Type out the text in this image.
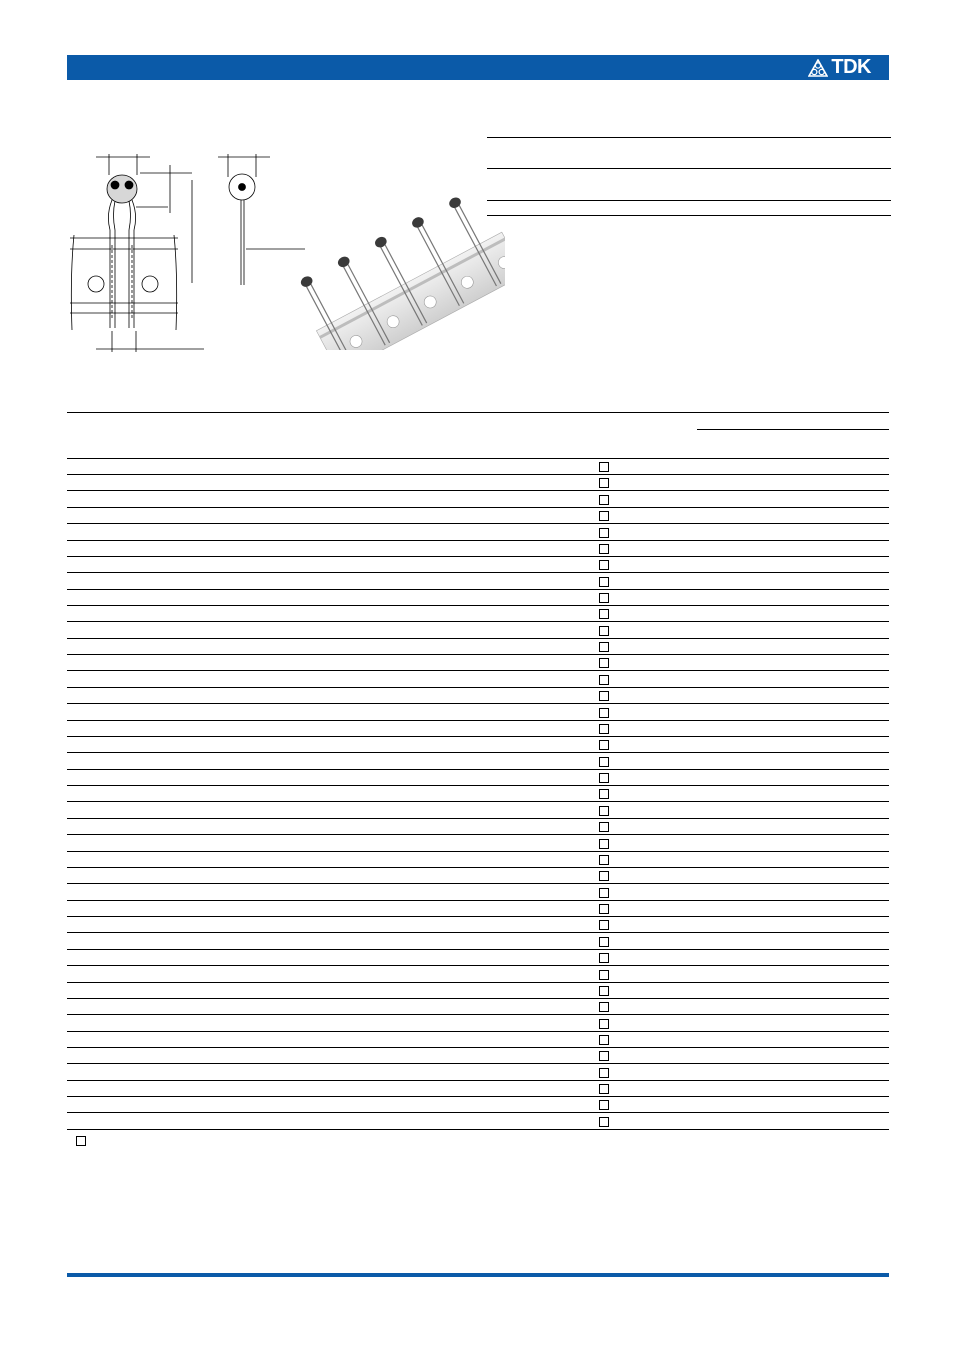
TDK
